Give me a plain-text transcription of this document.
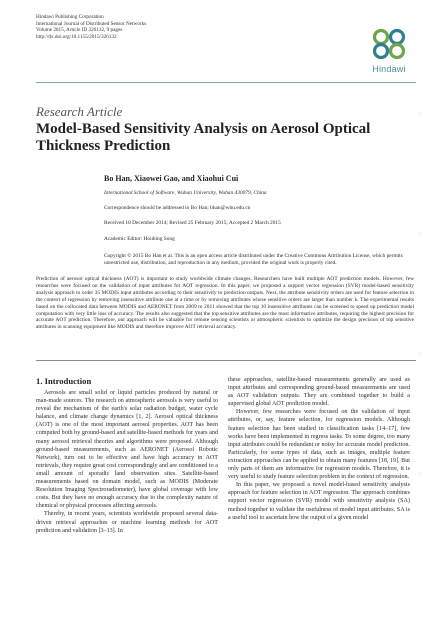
Hindawi Publishing Corporation
International Journal of Distributed Sensor Networks
Volume 2015, Article ID 326132, 9 pages
http://dx.doi.org/10.1155/2015/326132
Hindawi
Research Article
Model-Based Sensitivity Analysis on Aerosol Optical Thickness Prediction
Bo Han, Xiaowei Gao, and Xiaohui Cui
International School of Software, Wuhan University, Wuhan 430079, China
Correspondence should be addressed to Bo Han; bhan@whu.edu.cn
Received 18 December 2014; Revised 25 February 2015; Accepted 2 March 2015
Academic Editor: Houbing Song
Copyright © 2015 Bo Han et al. This is an open access article distributed under the Creative Commons Attribution License, which permits unrestricted use, distribution, and reproduction in any medium, provided the original work is properly cited.
Prediction of aerosol optical thickness (AOT) is important to study worldwide climate changes. Researchers have built multiple AOT prediction models. However, few researches were focused on the validation of input attributes for AOT regression. In this paper, we proposed a support vector regression (SVR) model-based sensitivity analysis approach to order 35 MODIS input attributes according to their sensitivity to prediction outputs. Next, the attribute sensitivity orders are used for feature selection in the context of regression by removing insensitive attribute one at a time or by removing attributes whose sensitive orders are larger than number k. The experimental results based on the collocated data between MODIS and AERONET from 2009 to 2011 showed that the top 10 insensitive attributes can be screened to speed up prediction model computation with very little loss of accuracy. The results also suggested that the top sensitive attributes are the most informative attributes, requiring the highest precision for accurate AOT prediction. Therefore, our approach will be valuable for remote sensing scientists or atmospheric scientists to optimize the design precision of top sensitive attributes in scanning equipment like MODIS and therefore improve AOT retrieval accuracy.
1. Introduction

Aerosols are small solid or liquid particles produced by natural or man-made sources. The research on atmospheric aerosols is very useful to reveal the mechanism of the earth's solar radiation budget, water cycle balance, and climate change dynamics [1, 2]. Aerosol optical thickness (AOT) is one of the most important aerosol properties. AOT has been computed both by ground-based and satellite-based methods for years and many aerosol retrieval theories and algorithms were proposed. Although ground-based measurements, such as AERONET (Aerosol Robotic Network), turn out to be effective and have high accuracy in AOT retrievals, they require great cost correspondingly and are conditioned to a small amount of sporadic land observation sites. Satellite-based measurements based on domain model, such as MODIS (Moderate Resolution Imaging Spectroradiometer), have global coverage with low costs. But they have no enough accuracy due to the complexity nature of chemical or physical processes affecting aerosols.

Thereby, in recent years, scientists worldwide proposed several data-driven retrieval approaches or machine learning methods for AOT prediction and validation [3–13]. In

these approaches, satellite-based measurements generally are used as input attributes and corresponding ground-based measurements are used as AOT validation outputs. They are combined together to build a supervised global AOT prediction model.

However, few researches were focused on the validation of input attributes, or, say, feature selection, for regression models. Although feature selection has been studied in classification tasks [14–17], few works have been implemented in regress tasks. To some degree, too many input attributes could be redundant or noisy for accurate model prediction. Particularly, for some types of data, such as images, multiple feature extraction approaches can be applied to obtain many features [18, 19]. But only parts of them are informative for regression models. Therefore, it is very useful to study feature selection problem in the context of regression.

In this paper, we proposed a novel model-based sensitivity analysis approach for feature selection in AOT regression. The approach combines support vector regression (SVR) model with sensitivity analysis (SA) method together to validate the usefulness of model input attributes. SA is a useful tool to ascertain how the output of a given model

◦
◦
◦
◦
